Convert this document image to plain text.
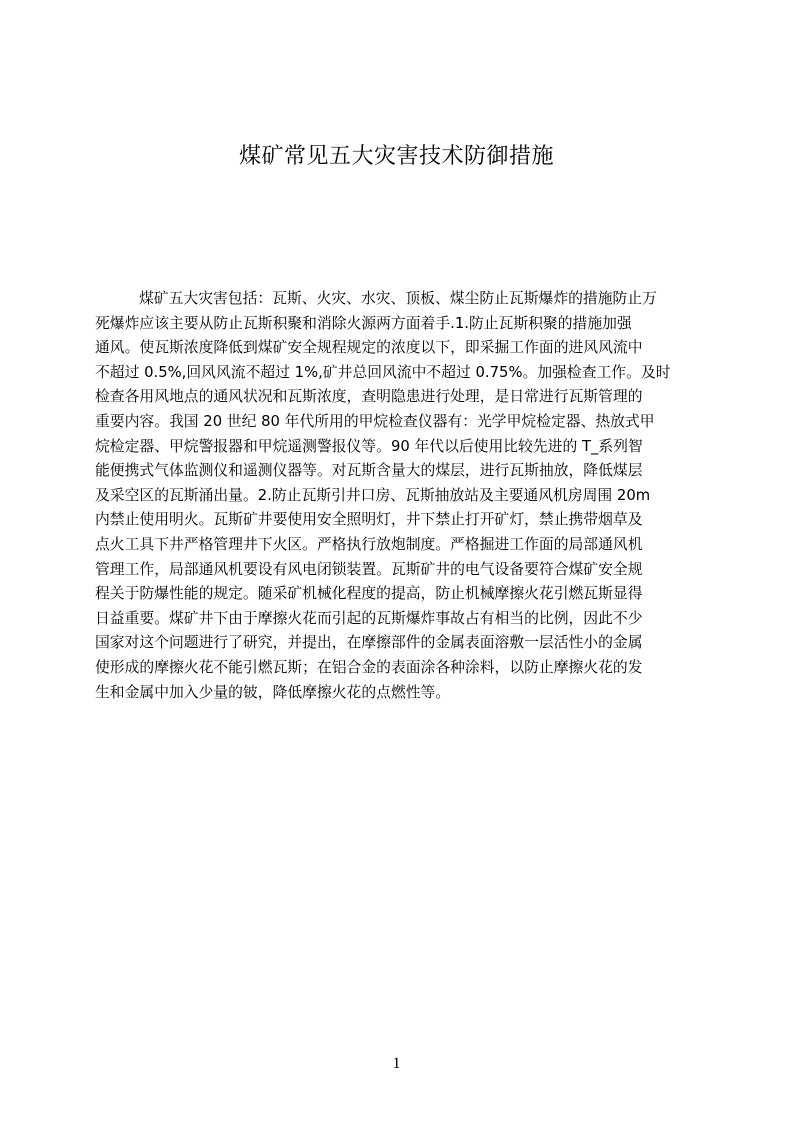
煤矿常见五大灾害技术防御措施
煤矿五大灾害包括：瓦斯、火灾、水灾、顶板、煤尘防止瓦斯爆炸的措施防止万
死爆炸应该主要从防止瓦斯积聚和消除火源两方面着手.1.防止瓦斯积聚的措施加强
通风。使瓦斯浓度降低到煤矿安全规程规定的浓度以下，即采掘工作面的进风风流中
不超过 0.5%,回风风流不超过 1%,矿井总回风流中不超过 0.75%。加强检查工作。及时
检查各用风地点的通风状况和瓦斯浓度，查明隐患进行处理，是日常进行瓦斯管理的
重要内容。我国 20 世纪 80 年代所用的甲烷检查仪器有：光学甲烷检定器、热放式甲
烷检定器、甲烷警报器和甲烷遥测警报仪等。90 年代以后使用比较先进的 T_系列智
能便携式气体监测仪和遥测仪器等。对瓦斯含量大的煤层，进行瓦斯抽放，降低煤层
及采空区的瓦斯涌出量。2.防止瓦斯引井口房、瓦斯抽放站及主要通风机房周围 20m
内禁止使用明火。瓦斯矿井要使用安全照明灯，井下禁止打开矿灯，禁止携带烟草及
点火工具下井严格管理井下火区。严格执行放炮制度。严格掘进工作面的局部通风机
管理工作，局部通风机要设有风电闭锁装置。瓦斯矿井的电气设备要符合煤矿安全规
程关于防爆性能的规定。随采矿机械化程度的提高，防止机械摩擦火花引燃瓦斯显得
日益重要。煤矿井下由于摩擦火花而引起的瓦斯爆炸事故占有相当的比例，因此不少
国家对这个问题进行了研究，并提出，在摩擦部件的金属表面溶敷一层活性小的金属
使形成的摩擦火花不能引燃瓦斯；在铝合金的表面涂各种涂料，以防止摩擦火花的发
生和金属中加入少量的铍，降低摩擦火花的点燃性等。
1
